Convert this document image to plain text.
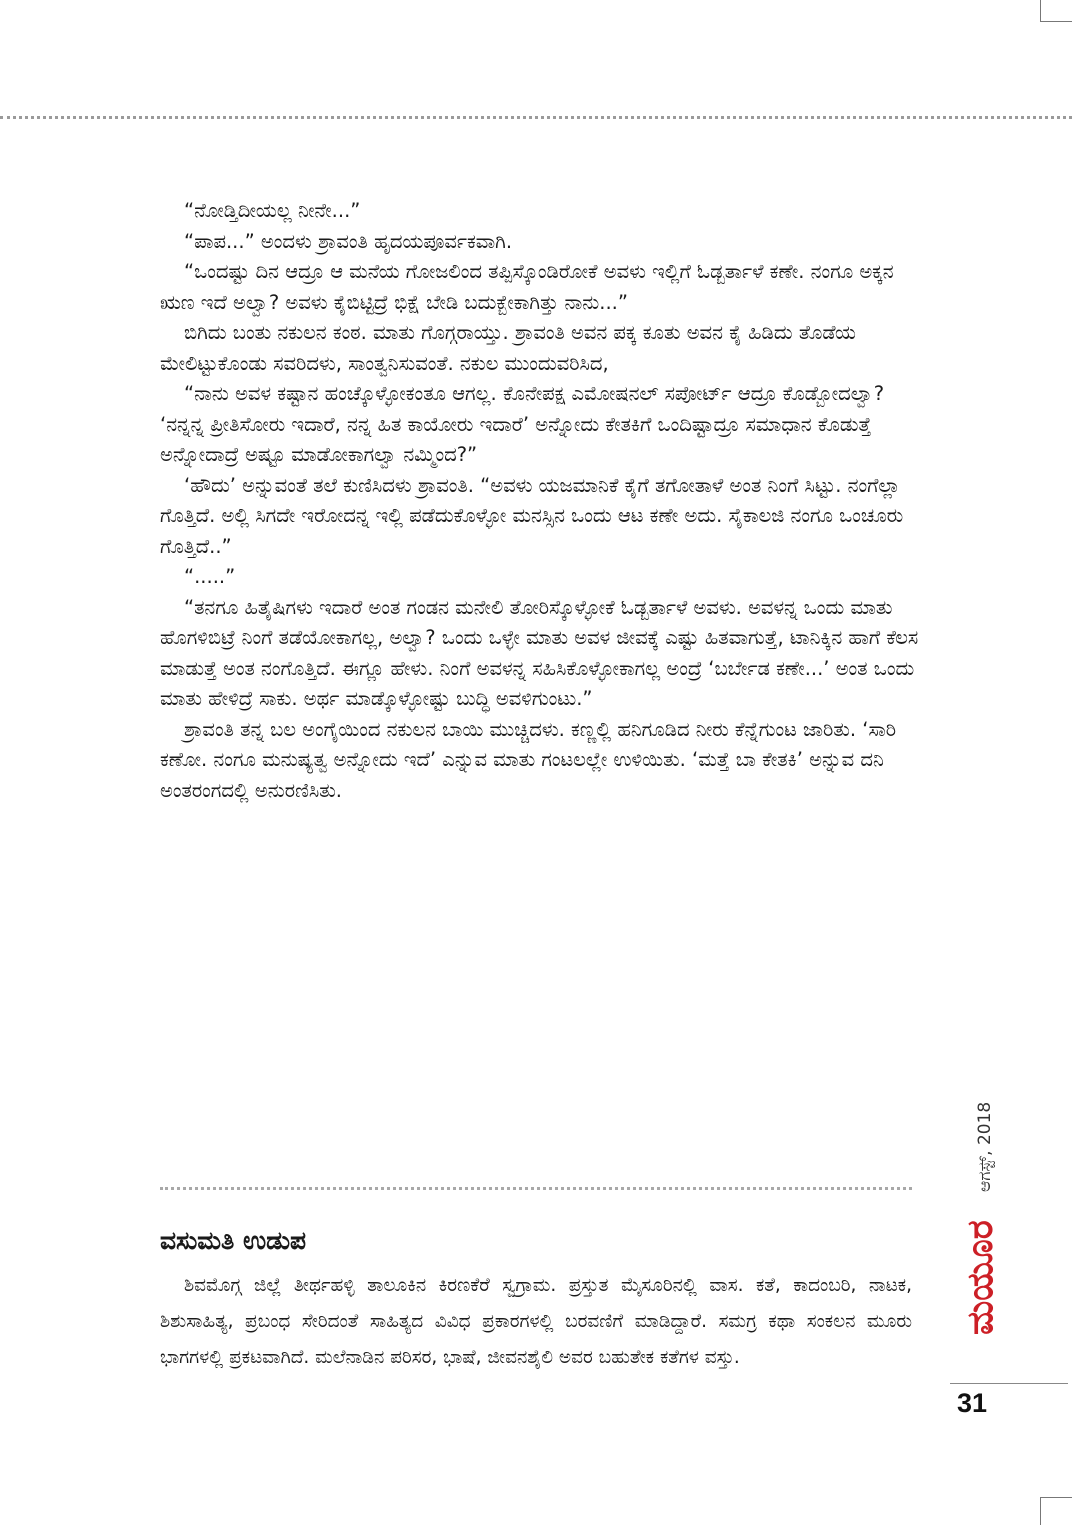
“ನೋಡ್ತಿದೀಯಲ್ಲ ನೀನೇ...”

“ಪಾಪ...” ಅಂದಳು ಶ್ರಾವಂತಿ ಹೃದಯಪೂರ್ವಕವಾಗಿ.

“ಒಂದಷ್ಟು ದಿನ ಆದ್ರೂ ಆ ಮನೆಯ ಗೋಜಲಿಂದ ತಪ್ಪಿಸ್ಕೊಂಡಿರೋಕೆ ಅವಳು ಇಲ್ಲಿಗೆ ಓಡ್ಬರ್ತಾಳೆ ಕಣೇ. ನಂಗೂ ಅಕ್ಕನ ಋಣ ಇದೆ ಅಲ್ವಾ? ಅವಳು ಕೈಬಿಟ್ಟಿದ್ರೆ ಭಿಕ್ಷೆ ಬೇಡಿ ಬದುಕ್ಬೇಕಾಗಿತ್ತು ನಾನು...”

ಬಿಗಿದು ಬಂತು ನಕುಲನ ಕಂಠ. ಮಾತು ಗೊಗ್ಗರಾಯ್ತು. ಶ್ರಾವಂತಿ ಅವನ ಪಕ್ಕ ಕೂತು ಅವನ ಕೈ ಹಿಡಿದು ತೊಡೆಯ ಮೇಲಿಟ್ಟುಕೊಂಡು ಸವರಿದಳು, ಸಾಂತ್ವನಿಸುವಂತೆ. ನಕುಲ ಮುಂದುವರಿಸಿದ,

“ನಾನು ಅವಳ ಕಷ್ಟಾನ ಹಂಚ್ಕೊಳ್ಳೋಕಂತೂ ಆಗಲ್ಲ. ಕೊನೇಪಕ್ಷ ಎಮೋಷನಲ್ ಸಪೋರ್ಟ್ ಆದ್ರೂ ಕೊಡ್ಬೋದಲ್ವಾ? ‘ನನ್ನನ್ನ ಪ್ರೀತಿಸೋರು ಇದಾರೆ, ನನ್ನ ಹಿತ ಕಾಯೋರು ಇದಾರೆ’ ಅನ್ನೋದು ಕೇತಕಿಗೆ ಒಂದಿಷ್ಟಾದ್ರೂ ಸಮಾಧಾನ ಕೊಡುತ್ತೆ ಅನ್ನೋದಾದ್ರೆ ಅಷ್ಟೂ ಮಾಡೋಕಾಗಲ್ವಾ ನಮ್ಮಿಂದ?”

‘ಹೌದು’ ಅನ್ನುವಂತೆ ತಲೆ ಕುಣಿಸಿದಳು ಶ್ರಾವಂತಿ. “ಅವಳು ಯಜಮಾನಿಕೆ ಕೈಗೆ ತಗೋತಾಳೆ ಅಂತ ನಿಂಗೆ ಸಿಟ್ಟು. ನಂಗೆಲ್ಲಾ ಗೊತ್ತಿದೆ. ಅಲ್ಲಿ ಸಿಗದೇ ಇರೋದನ್ನ ಇಲ್ಲಿ ಪಡೆದುಕೊಳ್ಳೋ ಮನಸ್ಸಿನ ಒಂದು ಆಟ ಕಣೇ ಅದು. ಸೈಕಾಲಜಿ ನಂಗೂ ಒಂಚೂರು ಗೊತ್ತಿದೆ..”

“.....”

“ತನಗೂ ಹಿತೈಷಿಗಳು ಇದಾರೆ ಅಂತ ಗಂಡನ ಮನೇಲಿ ತೋರಿಸ್ಕೊಳ್ಳೋಕೆ ಓಡ್ಬರ್ತಾಳೆ ಅವಳು. ಅವಳನ್ನ ಒಂದು ಮಾತು ಹೊಗಳಿಬಿಟ್ರೆ ನಿಂಗೆ ತಡೆಯೋಕಾಗಲ್ಲ, ಅಲ್ವಾ? ಒಂದು ಒಳ್ಳೇ ಮಾತು ಅವಳ ಜೀವಕ್ಕೆ ಎಷ್ಟು ಹಿತವಾಗುತ್ತೆ, ಟಾನಿಕ್ಕಿನ ಹಾಗೆ ಕೆಲಸ ಮಾಡುತ್ತೆ ಅಂತ ನಂಗೊತ್ತಿದೆ. ಈಗ್ಲೂ ಹೇಳು. ನಿಂಗೆ ಅವಳನ್ನ ಸಹಿಸಿಕೊಳ್ಳೋಕಾಗಲ್ಲ ಅಂದ್ರೆ ‘ಬರ್ಬೇಡ ಕಣೇ...’ ಅಂತ ಒಂದು ಮಾತು ಹೇಳಿದ್ರೆ ಸಾಕು. ಅರ್ಥ ಮಾಡ್ಕೊಳ್ಳೋಷ್ಟು ಬುದ್ಧಿ ಅವಳಿಗುಂಟು.”

ಶ್ರಾವಂತಿ ತನ್ನ ಬಲ ಅಂಗೈಯಿಂದ ನಕುಲನ ಬಾಯಿ ಮುಚ್ಚಿದಳು. ಕಣ್ಣಲ್ಲಿ ಹನಿಗೂಡಿದ ನೀರು ಕೆನ್ನೆಗುಂಟ ಜಾರಿತು. ‘ಸಾರಿ ಕಣೋ. ನಂಗೂ ಮನುಷ್ಯತ್ವ ಅನ್ನೋದು ಇದೆ’ ಎನ್ನುವ ಮಾತು ಗಂಟಲಲ್ಲೇ ಉಳಿಯಿತು. ‘ಮತ್ತೆ ಬಾ ಕೇತಕಿ’ ಅನ್ನುವ ದನಿ ಅಂತರಂಗದಲ್ಲಿ ಅನುರಣಿಸಿತು.

ವಸುಮತಿ ಉಡುಪ

ಶಿವಮೊಗ್ಗ ಜಿಲ್ಲೆ ತೀರ್ಥಹಳ್ಳಿ ತಾಲೂಕಿನ ಕಿರಣಕೆರೆ ಸ್ವಗ್ರಾಮ. ಪ್ರಸ್ತುತ ಮೈಸೂರಿನಲ್ಲಿ ವಾಸ. ಕತೆ, ಕಾದಂಬರಿ, ನಾಟಕ, ಶಿಶುಸಾಹಿತ್ಯ, ಪ್ರಬಂಧ ಸೇರಿದಂತೆ ಸಾಹಿತ್ಯದ ವಿವಿಧ ಪ್ರಕಾರಗಳಲ್ಲಿ ಬರವಣಿಗೆ ಮಾಡಿದ್ದಾರೆ. ಸಮಗ್ರ ಕಥಾ ಸಂಕಲನ ಮೂರು ಭಾಗಗಳಲ್ಲಿ ಪ್ರಕಟವಾಗಿದೆ. ಮಲೆನಾಡಿನ ಪರಿಸರ, ಭಾಷೆ, ಜೀವನಶೈಲಿ ಅವರ ಬಹುತೇಕ ಕತೆಗಳ ವಸ್ತು.

ಆಗಸ್ಟ್, 2018
ಮಯೂರ

31
